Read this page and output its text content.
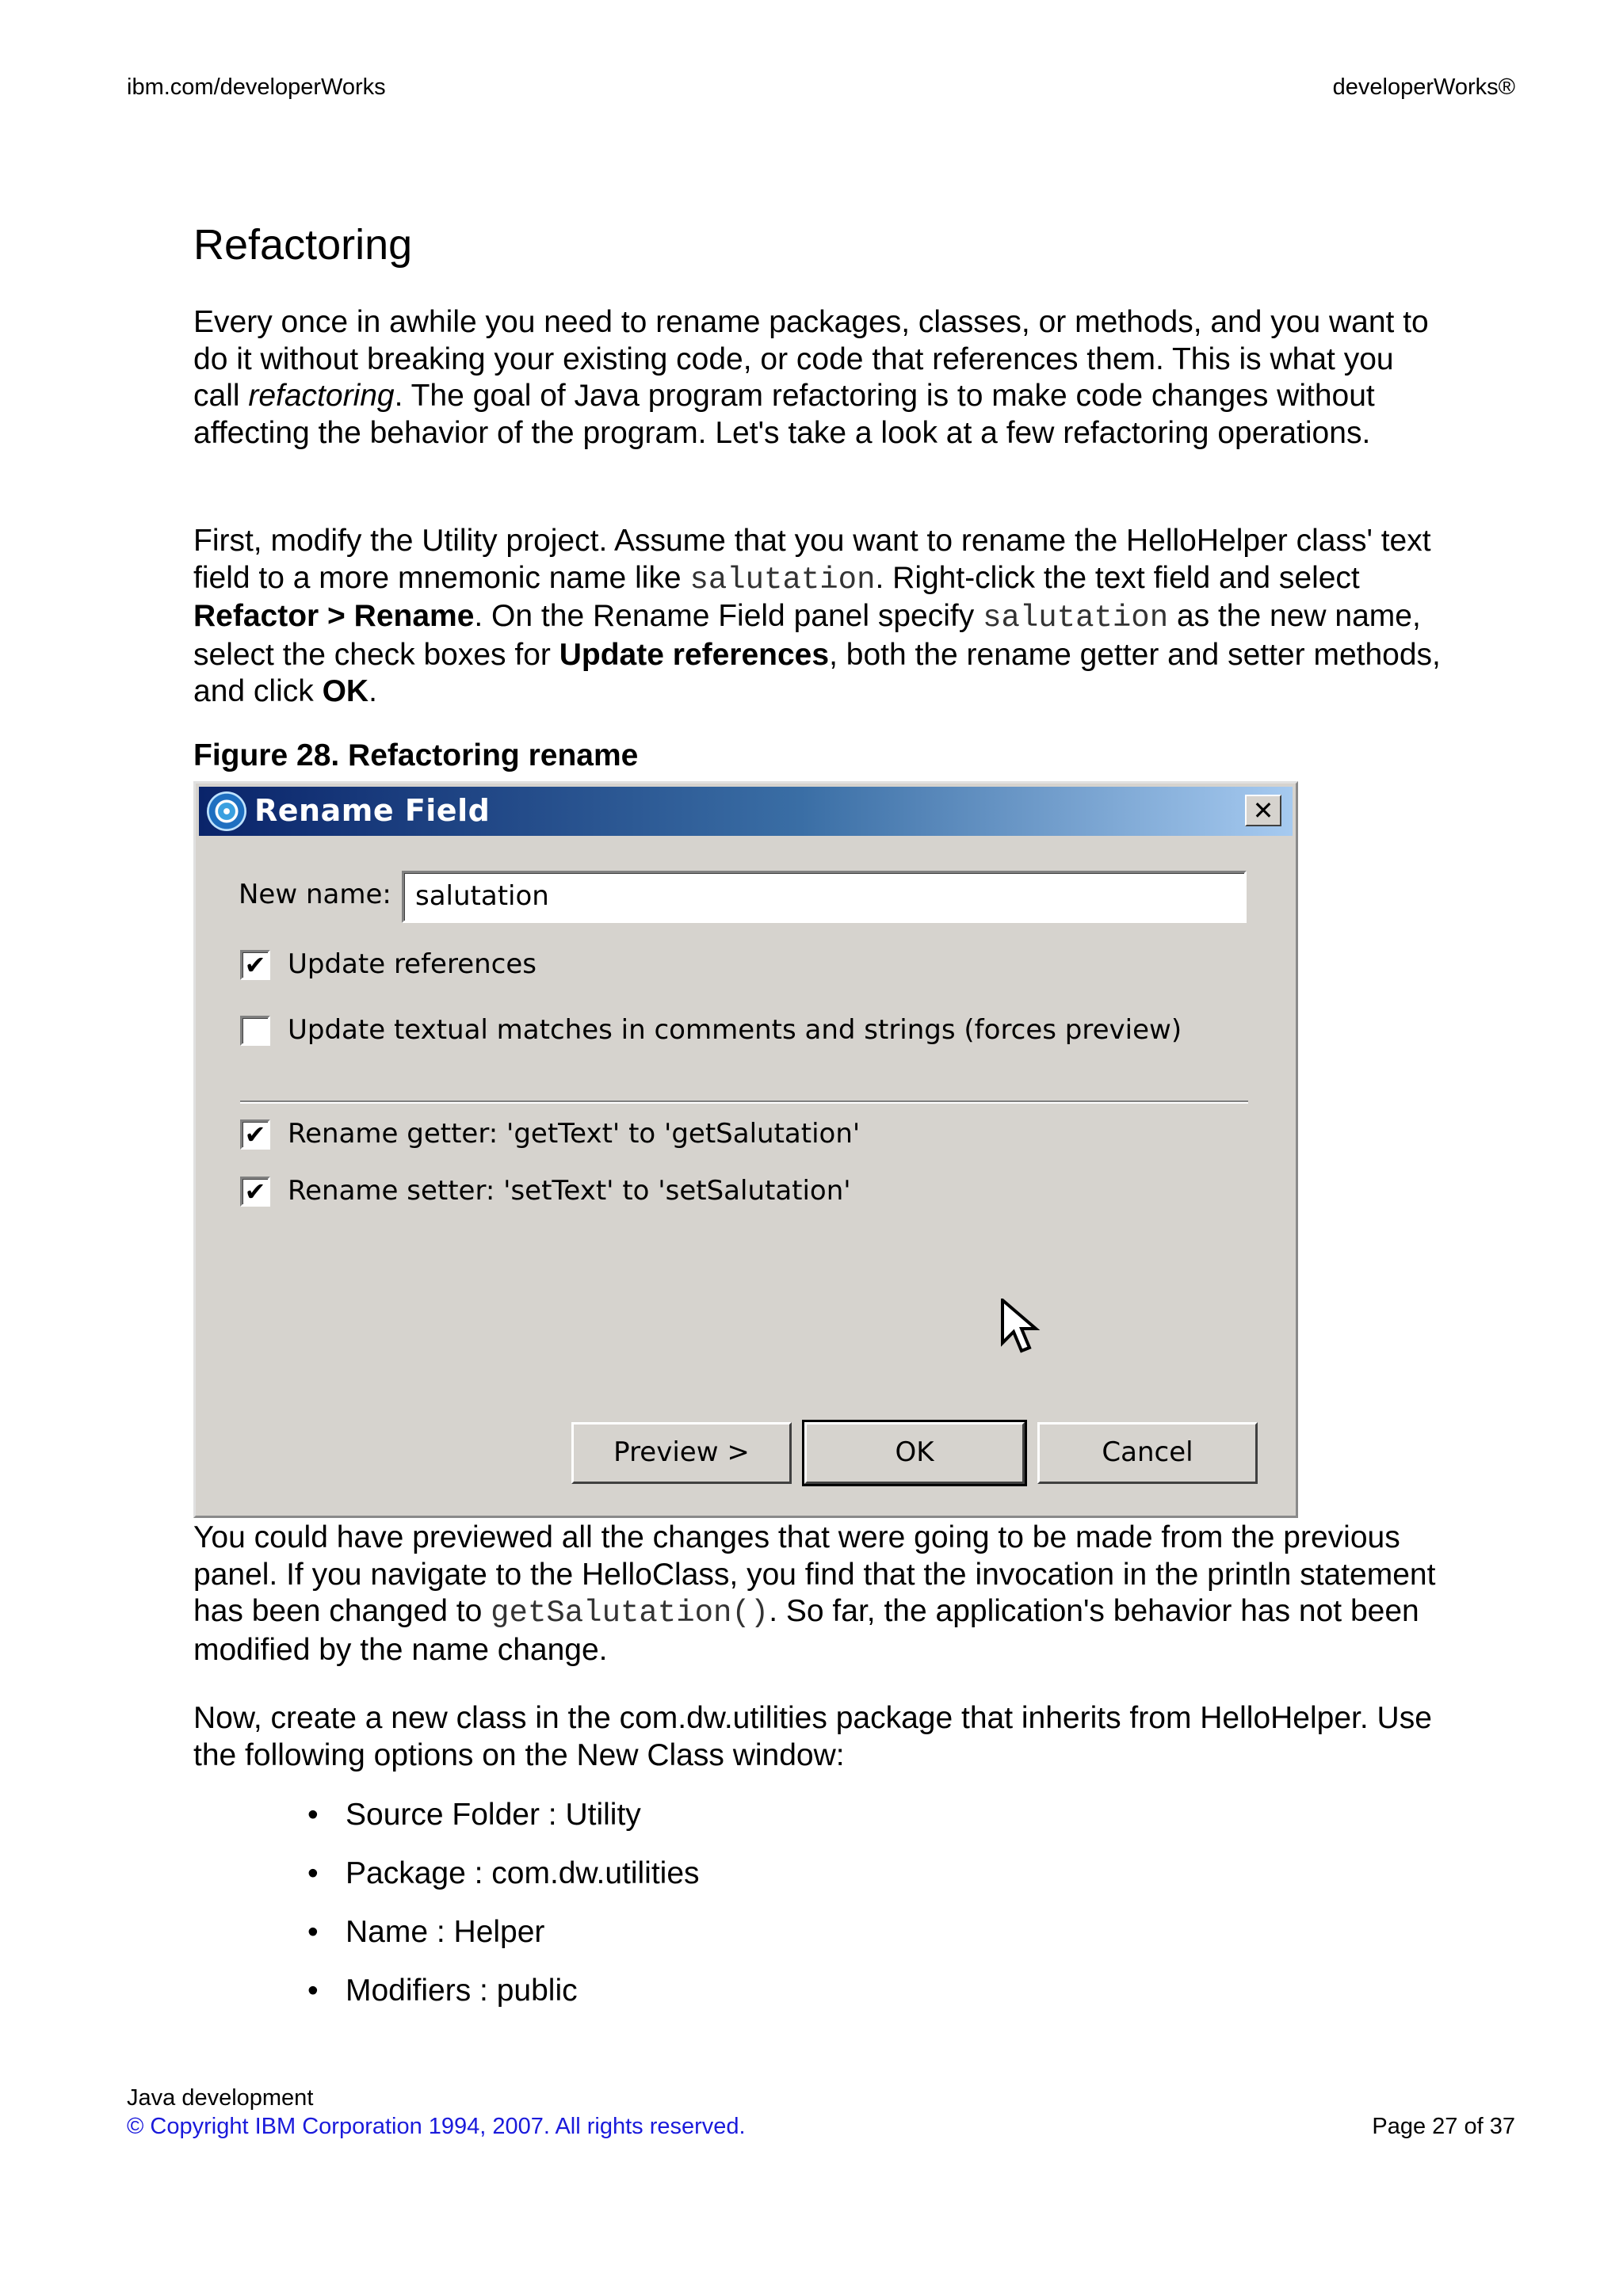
ibm.com/developerWorks	developerWorks®
Refactoring

Every once in awhile you need to rename packages, classes, or methods, and you want to do it without breaking your existing code, or code that references them. This is what you call refactoring. The goal of Java program refactoring is to make code changes without affecting the behavior of the program. Let's take a look at a few refactoring operations.

First, modify the Utility project. Assume that you want to rename the HelloHelper class' text field to a more mnemonic name like salutation. Right-click the text field and select Refactor > Rename. On the Rename Field panel specify salutation as the new name, select the check boxes for Update references, both the rename getter and setter methods, and click OK.

Figure 28. Refactoring rename
Rename Field	✕
New name: salutation
✔ Update references
Update textual matches in comments and strings (forces preview)
✔ Rename getter: 'getText' to 'getSalutation'
✔ Rename setter: 'setText' to 'setSalutation'
Preview >	OK	Cancel

You could have previewed all the changes that were going to be made from the previous panel. If you navigate to the HelloClass, you find that the invocation in the println statement has been changed to getSalutation(). So far, the application's behavior has not been modified by the name change.

Now, create a new class in the com.dw.utilities package that inherits from HelloHelper. Use the following options on the New Class window:

• Source Folder : Utility
• Package : com.dw.utilities
• Name : Helper
• Modifiers : public
Java development
© Copyright IBM Corporation 1994, 2007. All rights reserved.	Page 27 of 37
